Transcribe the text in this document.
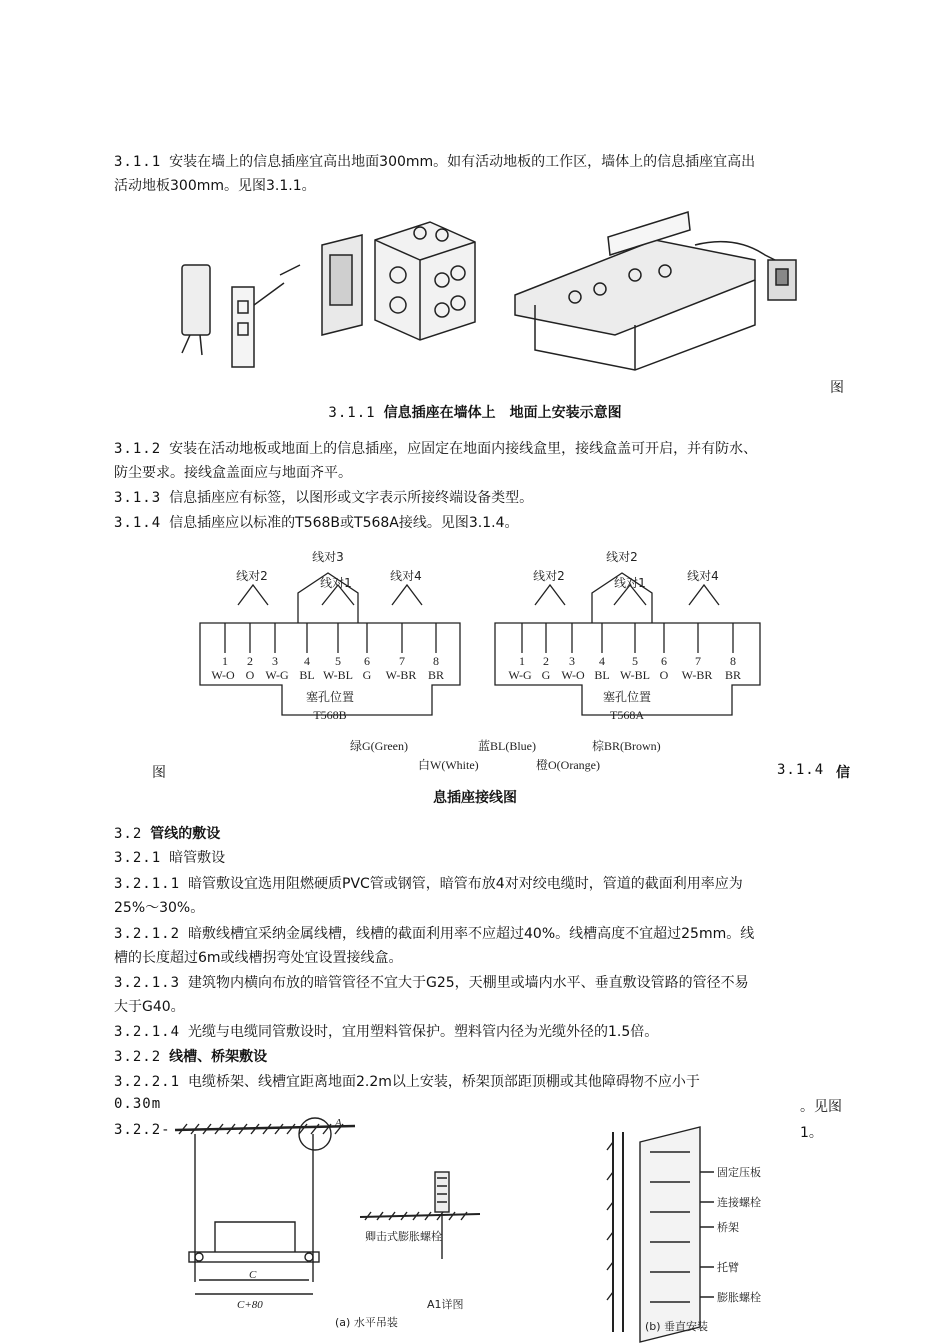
3.1.1 安装在墙上的信息插座宜高出地面300mm。如有活动地板的工作区，墙体上的信息插座宜高出

活动地板300mm。见图3.1.1。

图
3.1.1 信息插座在墙体上　地面上安装示意图

3.1.2 安装在活动地板或地面上的信息插座，应固定在地面内接线盒里，接线盒盖可开启，并有防水、

防尘要求。接线盒盖面应与地面齐平。

3.1.3 信息插座应有标签，以图形或文字表示所接终端设备类型。

3.1.4 信息插座应以标准的T568B或T568A接线。见图3.1.4。

线对2
线对3
线对1	线对4	线对2
线对2
线对1	线对4
1 2 3 4 5 6 7 8
W-O O W-G BL W-BL G W-BR BR
塞孔位置
T568B
1 2 3 4 5 6 7 8
W-G G W-O BL W-BL O W-BR BR
塞孔位置
T568A
绿G(Green)	蓝BL(Blue)	棕BR(Brown)
白W(White)	橙O(Orange)
图	3.1.4 信
息插座接线图

3.2 管线的敷设

3.2.1 暗管敷设

3.2.1.1 暗管敷设宜选用阻燃硬质PVC管或钢管，暗管布放4对对绞电缆时，管道的截面利用率应为

25%～30%。

3.2.1.2 暗敷线槽宜采纳金属线槽，线槽的截面利用率不应超过40%。线槽高度不宜超过25mm。线

槽的长度超过6m或线槽拐弯处宜设置接线盒。

3.2.1.3 建筑物内横向布放的暗管管径不宜大于G25，天棚里或墙内水平、垂直敷设管路的管径不易

大于G40。

3.2.1.4 光缆与电缆同管敷设时，宜用塑料管保护。塑料管内径为光缆外径的1.5倍。

3.2.2 线槽、桥架敷设

3.2.2.1 电缆桥架、线槽宜距离地面2.2m以上安装，桥架顶部距顶棚或其他障碍物不应小于

0.30m	。见图
3.2.2-	1。
A
C
C+80
卿击式膨胀螺栓
A1详图
(a) 水平吊装	(b) 垂直安装
固定压板
连接螺栓
桥架
托臂
膨胀螺栓
